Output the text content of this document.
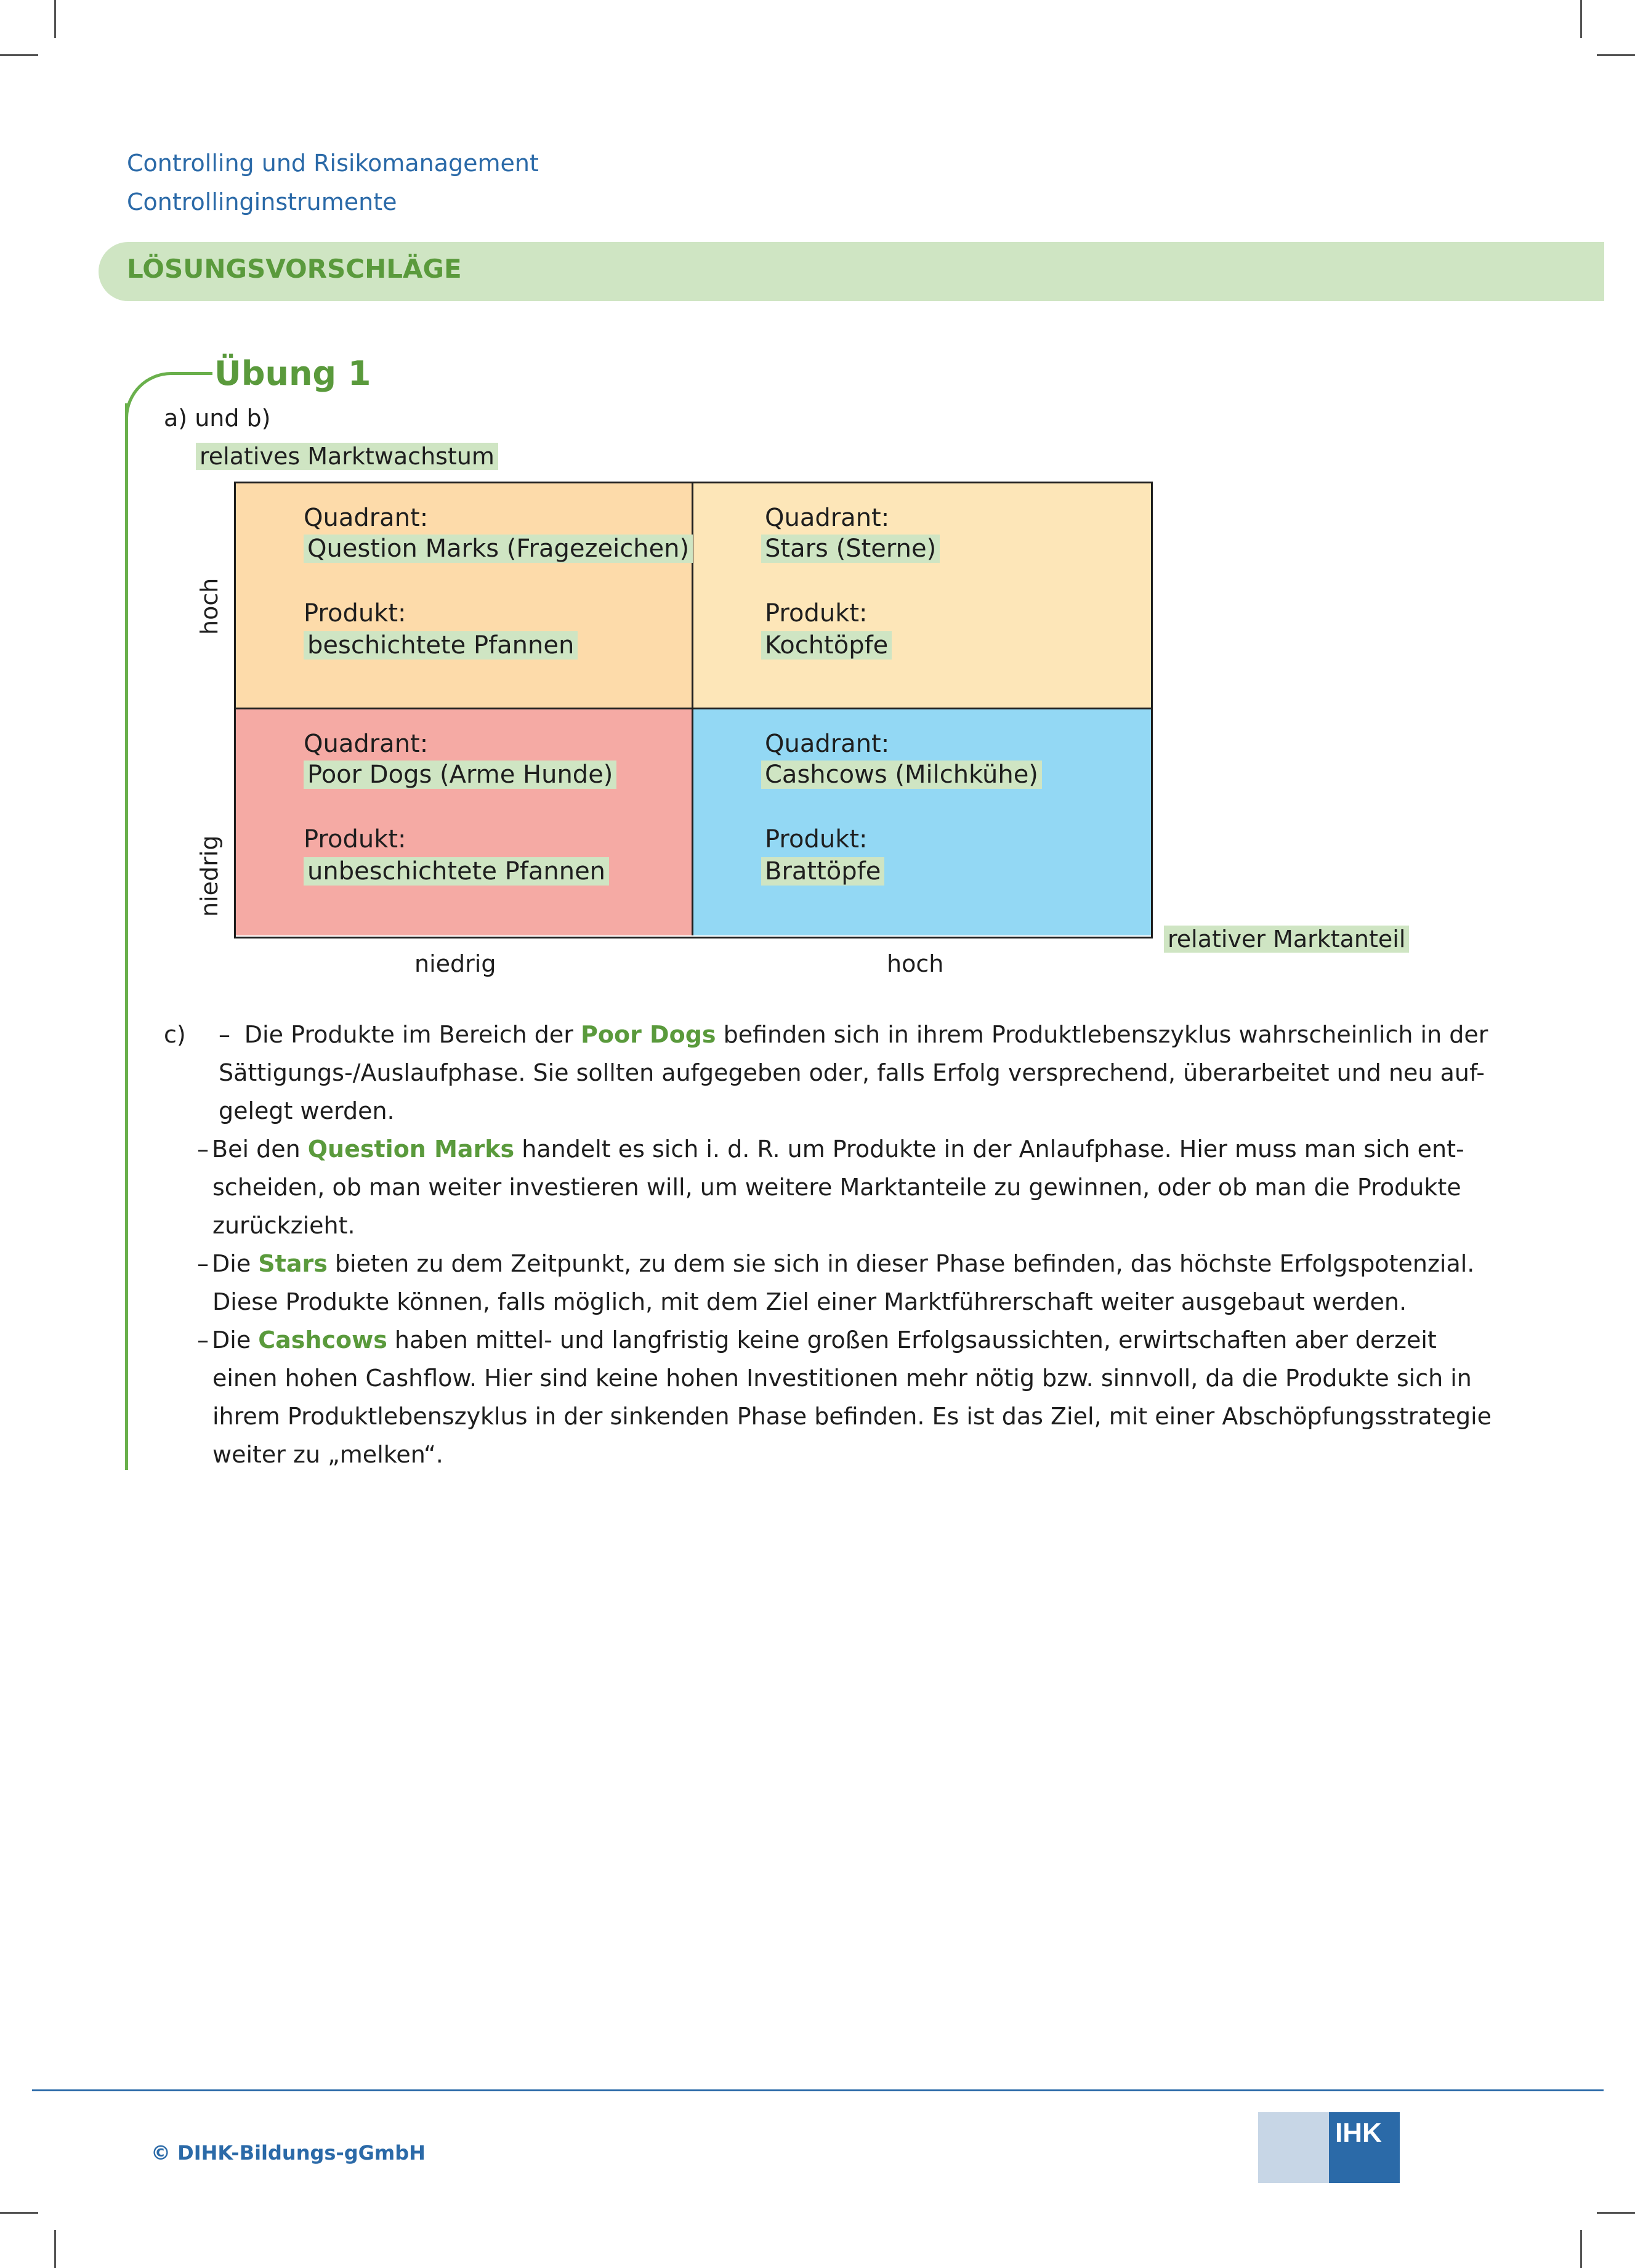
Controlling und Risikomanagement
Controllinginstrumente
LÖSUNGSVORSCHLÄGE
Übung 1
a) und b)
relatives Marktwachstum
Quadrant:
Question Marks (Fragezeichen)
Produkt:
beschichtete Pfannen
Quadrant:
Stars (Sterne)
Produkt:
Kochtöpfe
Quadrant:
Poor Dogs (Arme Hunde)
Produkt:
unbeschichtete Pfannen
Quadrant:
Cashcows (Milchkühe)
Produkt:
Brattöpfe
hoch
niedrig
niedrig	hoch
relativer Marktanteil
c) –
   Die Produkte im Bereich der Poor Dogs befinden sich in ihrem Produktlebenszyklus wahrscheinlich in der
Sättigungs-/Auslaufphase. Sie sollten aufgegeben oder, falls Erfolg versprechend, überarbeitet und neu auf-
gelegt werden.
– Bei den Question Marks handelt es sich i. d. R. um Produkte in der Anlaufphase. Hier muss man sich ent-
scheiden, ob man weiter investieren will, um weitere Marktanteile zu gewinnen, oder ob man die Produkte
zurückzieht.
– Die Stars bieten zu dem Zeitpunkt, zu dem sie sich in dieser Phase befinden, das höchste Erfolgspotenzial.
Diese Produkte können, falls möglich, mit dem Ziel einer Marktführerschaft weiter ausgebaut werden.
– Die Cashcows haben mittel- und langfristig keine großen Erfolgsaussichten, erwirtschaften aber derzeit
einen hohen Cashflow. Hier sind keine hohen Investitionen mehr nötig bzw. sinnvoll, da die Produkte sich in
ihrem Produktlebenszyklus in der sinkenden Phase befinden. Es ist das Ziel, mit einer Abschöpfungsstrategie
weiter zu „melken“.
© DIHK-Bildungs-gGmbH
IHK
